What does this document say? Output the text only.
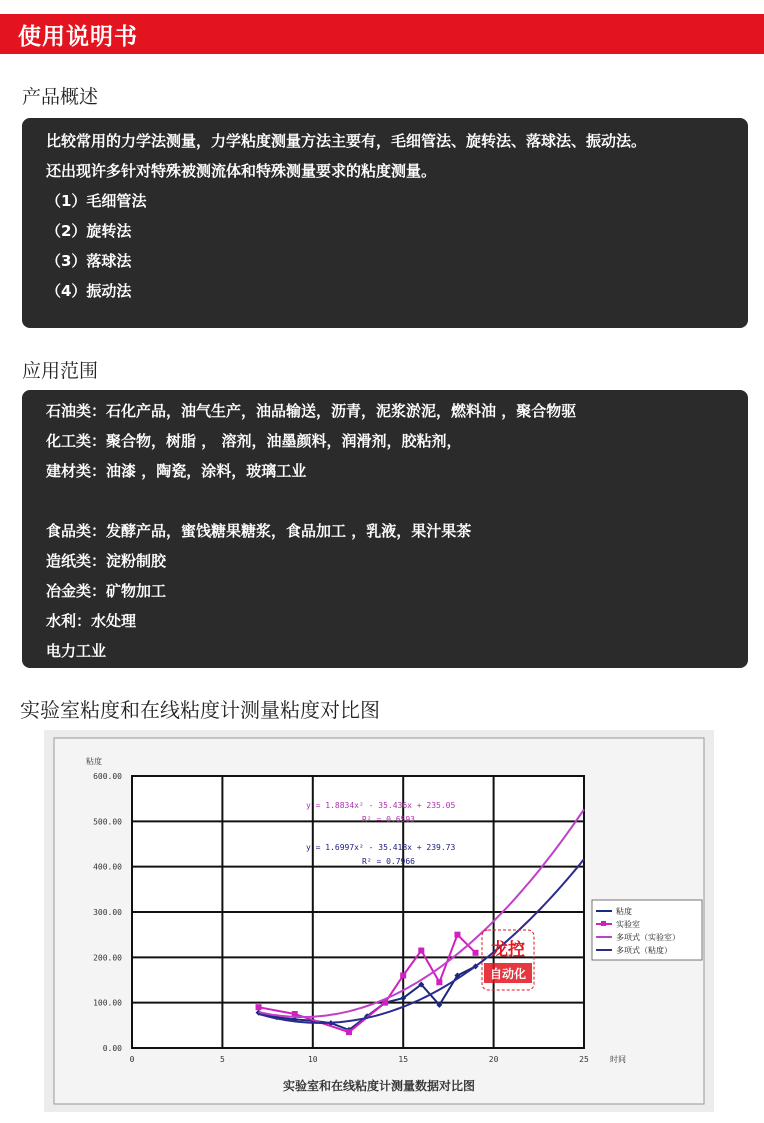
使用说明书
产品概述
比较常用的力学法测量，力学粘度测量方法主要有，毛细管法、旋转法、落球法、振动法。
还出现许多针对特殊被测流体和特殊测量要求的粘度测量。
（1）毛细管法
（2）旋转法
（3）落球法
（4）振动法
应用范围
石油类：石化产品，油气生产，油品输送，沥青，泥浆淤泥，燃料油 ，聚合物驱
化工类：聚合物，树脂 ， 溶剂，油墨颜料，润滑剂，胶粘剂，
建材类：油漆 ，陶瓷，涂料，玻璃工业
食品类：发酵产品，蜜饯糖果糖浆，食品加工 ，乳液，果汁果茶
造纸类：淀粉制胶
冶金类：矿物加工
水利：水处理
电力工业
实验室粘度和在线粘度计测量粘度对比图
0	5	10	15	20	25
0.00
100.00
200.00
300.00
400.00
500.00
600.00
粘度
时间
实验室和在线粘度计测量数据对比图
y = 1.8834x² - 35.436x + 235.05
R² = 0.6593
y = 1.6997x² - 35.418x + 239.73
R² = 0.7966
粘度
实验室
多项式（实验室）
多项式（粘度）
龙控
自动化
